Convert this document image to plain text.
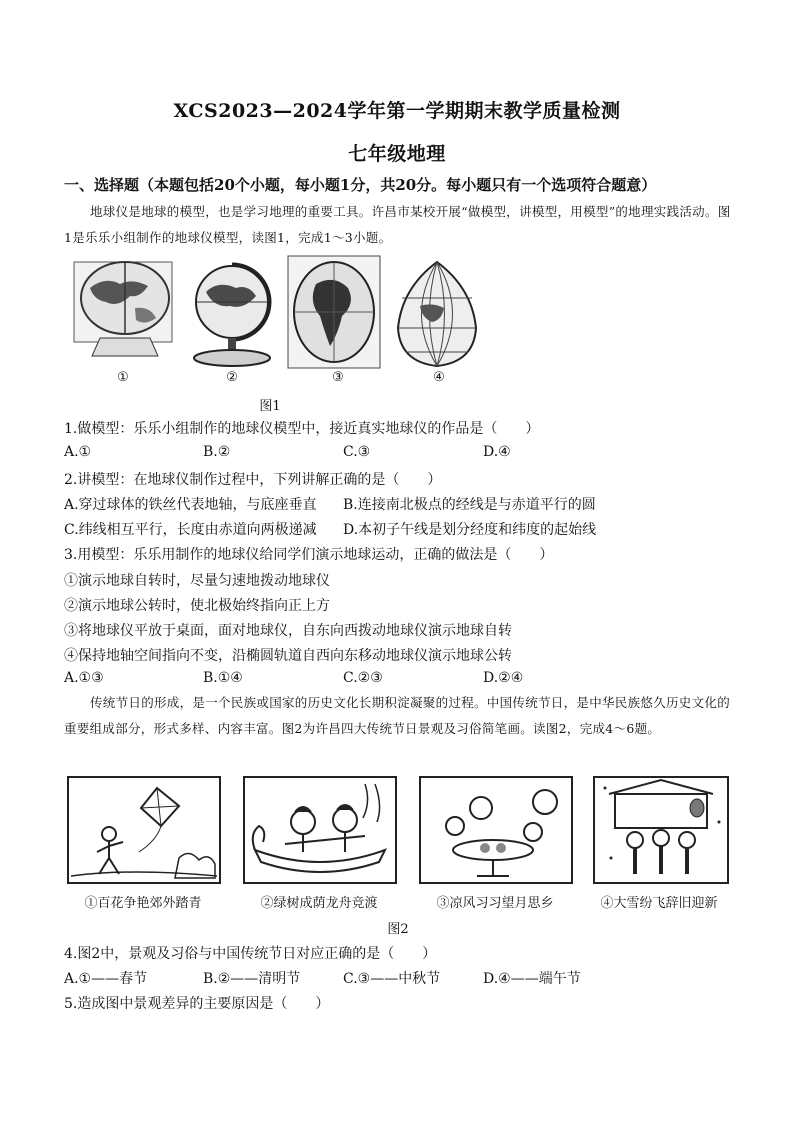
XCS2023—2024学年第一学期期末教学质量检测
七年级地理
一、选择题（本题包括20个小题，每小题1分，共20分。每小题只有一个选项符合题意）
地球仪是地球的模型，也是学习地理的重要工具。许昌市某校开展“做模型，讲模型，用模型”的地理实践活动。图1是乐乐小组制作的地球仪模型，读图1，完成1～3小题。
①	②	③	④
图1
1.做模型：乐乐小组制作的地球仪模型中，接近真实地球仪的作品是（　　）
A.①	B.②	C.③	D.④
2.讲模型：在地球仪制作过程中，下列讲解正确的是（　　）
A.穿过球体的铁丝代表地轴，与底座垂直 B.连接南北极点的经线是与赤道平行的圆
C.纬线相互平行，长度由赤道向两极递减 D.本初子午线是划分经度和纬度的起始线
3.用模型：乐乐用制作的地球仪给同学们演示地球运动，正确的做法是（　　）
①演示地球自转时，尽量匀速地拨动地球仪
②演示地球公转时，使北极始终指向正上方
③将地球仪平放于桌面，面对地球仪，自东向西拨动地球仪演示地球自转
④保持地轴空间指向不变，沿椭圆轨道自西向东移动地球仪演示地球公转
A.①③	B.①④	C.②③	D.②④
传统节日的形成，是一个民族或国家的历史文化长期积淀凝聚的过程。中国传统节日，是中华民族悠久历史文化的重要组成部分，形式多样、内容丰富。图2为许昌四大传统节日景观及习俗简笔画。读图2，完成4～6题。
①百花争艳郊外踏青	②绿树成荫龙舟竞渡	③凉风习习望月思乡	④大雪纷飞辞旧迎新
图2
4.图2中，景观及习俗与中国传统节日对应正确的是（　　）
A.①——春节	B.②——清明节	C.③——中秋节	D.④——端午节
5.造成图中景观差异的主要原因是（　　）
